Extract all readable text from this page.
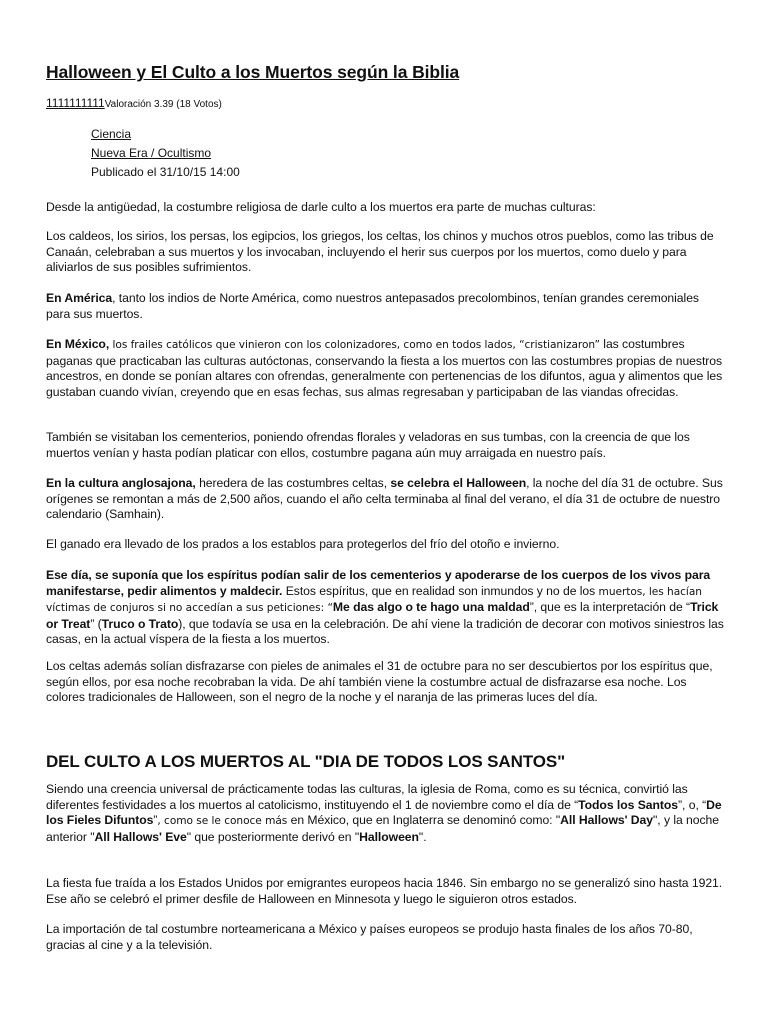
Halloween y El Culto a los Muertos según la Biblia
1111111111Valoración 3.39 (18 Votos)
Ciencia
Nueva Era / Ocultismo
Publicado el 31/10/15 14:00

Desde la antigüedad, la costumbre religiosa de darle culto a los muertos era parte de muchas culturas:

Los caldeos, los sirios, los persas, los egipcios, los griegos, los celtas, los chinos y muchos otros pueblos, como las tribus de Canaán, celebraban a sus muertos y los invocaban, incluyendo el herir sus cuerpos por los muertos, como duelo y para aliviarlos de sus posibles sufrimientos.

En América, tanto los indios de Norte América, como nuestros antepasados precolombinos, tenían grandes ceremoniales para sus muertos.

En México, los frailes católicos que vinieron con los colonizadores, como en todos lados, “cristianizaron” las costumbres paganas que practicaban las culturas autóctonas, conservando la fiesta a los muertos con las costumbres propias de nuestros ancestros, en donde se ponían altares con ofrendas, generalmente con pertenencias de los difuntos, agua y alimentos que les gustaban cuando vivían, creyendo que en esas fechas, sus almas regresaban y participaban de las viandas ofrecidas.

También se visitaban los cementerios, poniendo ofrendas florales y veladoras en sus tumbas, con la creencia de que los muertos venían y hasta podían platicar con ellos, costumbre pagana aún muy arraigada en nuestro país.

En la cultura anglosajona, heredera de las costumbres celtas, se celebra el Halloween, la noche del día 31 de octubre. Sus orígenes se remontan a más de 2,500 años, cuando el año celta terminaba al final del verano, el día 31 de octubre de nuestro calendario (Samhain).

El ganado era llevado de los prados a los establos para protegerlos del frío del otoño e invierno.

Ese día, se suponía que los espíritus podían salir de los cementerios y apoderarse de los cuerpos de los vivos para manifestarse, pedir alimentos y maldecir. Estos espíritus, que en realidad son inmundos y no de los muertos, les hacían víctimas de conjuros si no accedían a sus peticiones: “Me das algo o te hago una maldad”, que es la interpretación de “Trick or Treat” (Truco o Trato), que todavía se usa en la celebración. De ahí viene la tradición de decorar con motivos siniestros las casas, en la actual víspera de la fiesta a los muertos.

Los celtas además solían disfrazarse con pieles de animales el 31 de octubre para no ser descubiertos por los espíritus que, según ellos, por esa noche recobraban la vida. De ahí también viene la costumbre actual de disfrazarse esa noche. Los colores tradicionales de Halloween, son el negro de la noche y el naranja de las primeras luces del día.

DEL CULTO A LOS MUERTOS AL "DIA DE TODOS LOS SANTOS"

Siendo una creencia universal de prácticamente todas las culturas, la iglesia de Roma, como es su técnica, convirtió las diferentes festividades a los muertos al catolicismo, instituyendo el 1 de noviembre como el día de “Todos los Santos”, o, “De los Fieles Difuntos”, como se le conoce más en México, que en Inglaterra se denominó como: "All Hallows' Day", y la noche anterior "All Hallows' Eve" que posteriormente derivó en "Halloween".

La fiesta fue traída a los Estados Unidos por emigrantes europeos hacia 1846. Sin embargo no se generalizó sino hasta 1921. Ese año se celebró el primer desfile de Halloween en Minnesota y luego le siguieron otros estados.

La importación de tal costumbre norteamericana a México y países europeos se produjo hasta finales de los años 70-80, gracias al cine y a la televisión.
